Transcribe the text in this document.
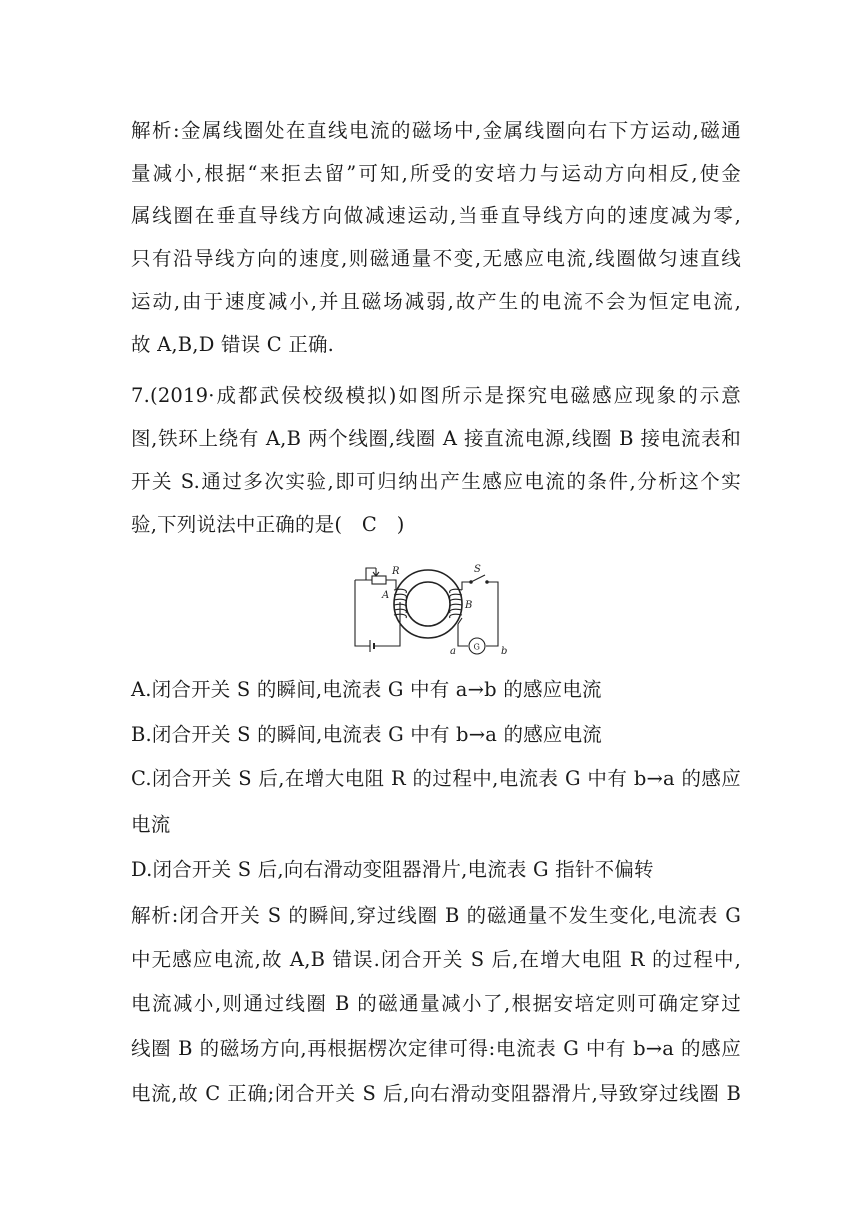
解析:金属线圈处在直线电流的磁场中,金属线圈向右下方运动,磁通
量减小,根据“来拒去留”可知,所受的安培力与运动方向相反,使金
属线圈在垂直导线方向做减速运动,当垂直导线方向的速度减为零,
只有沿导线方向的速度,则磁通量不变,无感应电流,线圈做匀速直线
运动,由于速度减小,并且磁场减弱,故产生的电流不会为恒定电流,
故 A,B,D 错误 C 正确.
7.(2019·成都武侯校级模拟)如图所示是探究电磁感应现象的示意
图,铁环上绕有 A,B 两个线圈,线圈 A 接直流电源,线圈 B 接电流表和
开关 S.通过多次实验,即可归纳出产生感应电流的条件,分析这个实
验,下列说法中正确的是(　C　)
R
A
B
S
a	b
G
A.闭合开关 S 的瞬间,电流表 G 中有 a→b 的感应电流
B.闭合开关 S 的瞬间,电流表 G 中有 b→a 的感应电流
C.闭合开关 S 后,在增大电阻 R 的过程中,电流表 G 中有 b→a 的感应
电流
D.闭合开关 S 后,向右滑动变阻器滑片,电流表 G 指针不偏转
解析:闭合开关 S 的瞬间,穿过线圈 B 的磁通量不发生变化,电流表 G
中无感应电流,故 A,B 错误.闭合开关 S 后,在增大电阻 R 的过程中,
电流减小,则通过线圈 B 的磁通量减小了,根据安培定则可确定穿过
线圈 B 的磁场方向,再根据楞次定律可得:电流表 G 中有 b→a 的感应
电流,故 C 正确;闭合开关 S 后,向右滑动变阻器滑片,导致穿过线圈 B
